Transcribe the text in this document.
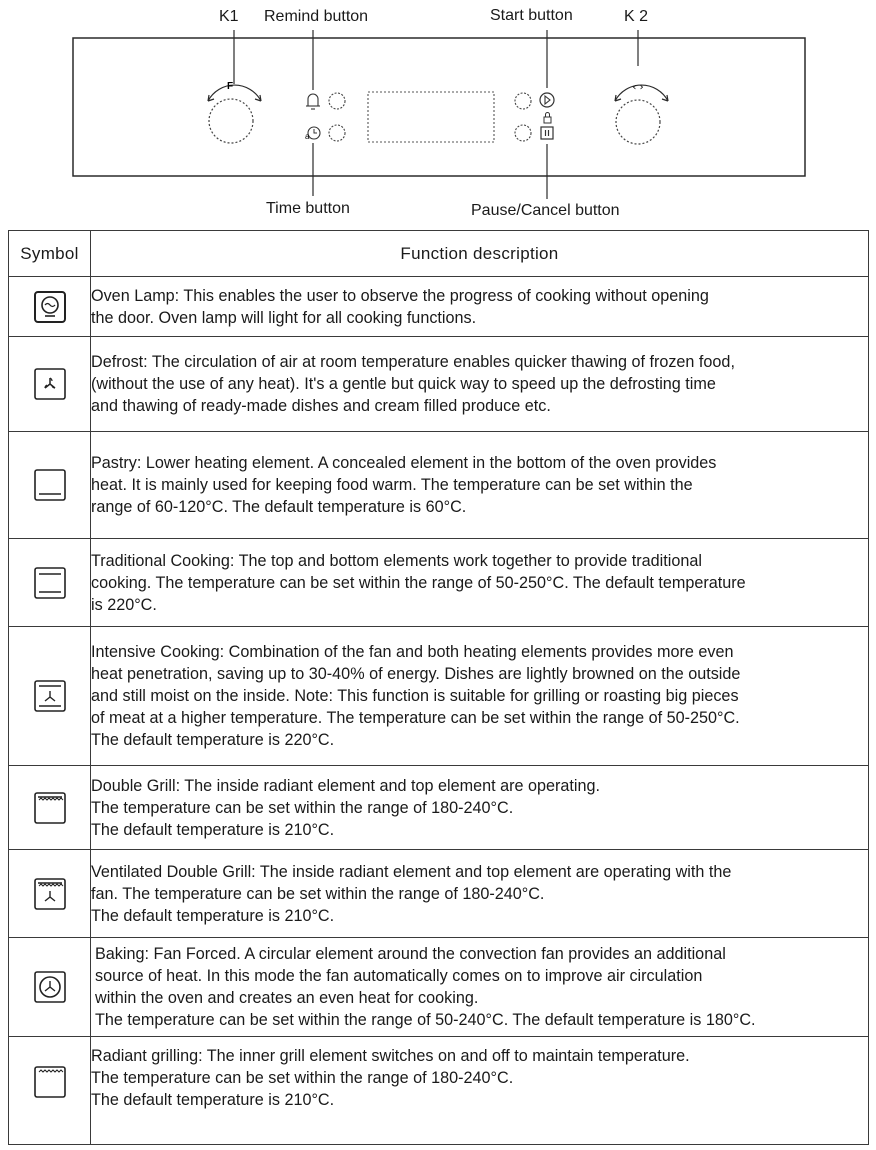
F
a
‹ ›
K1 Remind button	Start button	K 2
Time button	Pause/Cancel button
Symbol	Function description

Oven Lamp: This enables the user to observe the progress of cooking without opening
the door. Oven lamp will light for all cooking functions.

Defrost: The circulation of air at room temperature enables quicker thawing of frozen food,
(without the use of any heat). It's a gentle but quick way to speed up the defrosting time
and thawing of ready-made dishes and cream filled produce etc.

Pastry: Lower heating element. A concealed element in the bottom of the oven provides
heat. It is mainly used for keeping food warm. The temperature can be set within the
range of 60-120°C. The default temperature is 60°C.

Traditional Cooking: The top and bottom elements work together to provide traditional
cooking. The temperature can be set within the range of 50-250°C. The default temperature
is 220°C.

Intensive Cooking: Combination of the fan and both heating elements provides more even
heat penetration, saving up to 30-40% of energy. Dishes are lightly browned on the outside
and still moist on the inside. Note: This function is suitable for grilling or roasting big pieces
of meat at a higher temperature. The temperature can be set within the range of 50-250°C.
The default temperature is 220°C.

Double Grill: The inside radiant element and top element are operating.
The temperature can be set within the range of 180-240°C.
The default temperature is 210°C.

Ventilated Double Grill: The inside radiant element and top element are operating with the
fan. The temperature can be set within the range of 180-240°C.
The default temperature is 210°C.

Baking: Fan Forced. A circular element around the convection fan provides an additional
source of heat. In this mode the fan automatically comes on to improve air circulation
within the oven and creates an even heat for cooking.
The temperature can be set within the range of 50-240°C. The default temperature is 180°C.

Radiant grilling: The inner grill element switches on and off to maintain temperature.
The temperature can be set within the range of 180-240°C.
The default temperature is 210°C.
